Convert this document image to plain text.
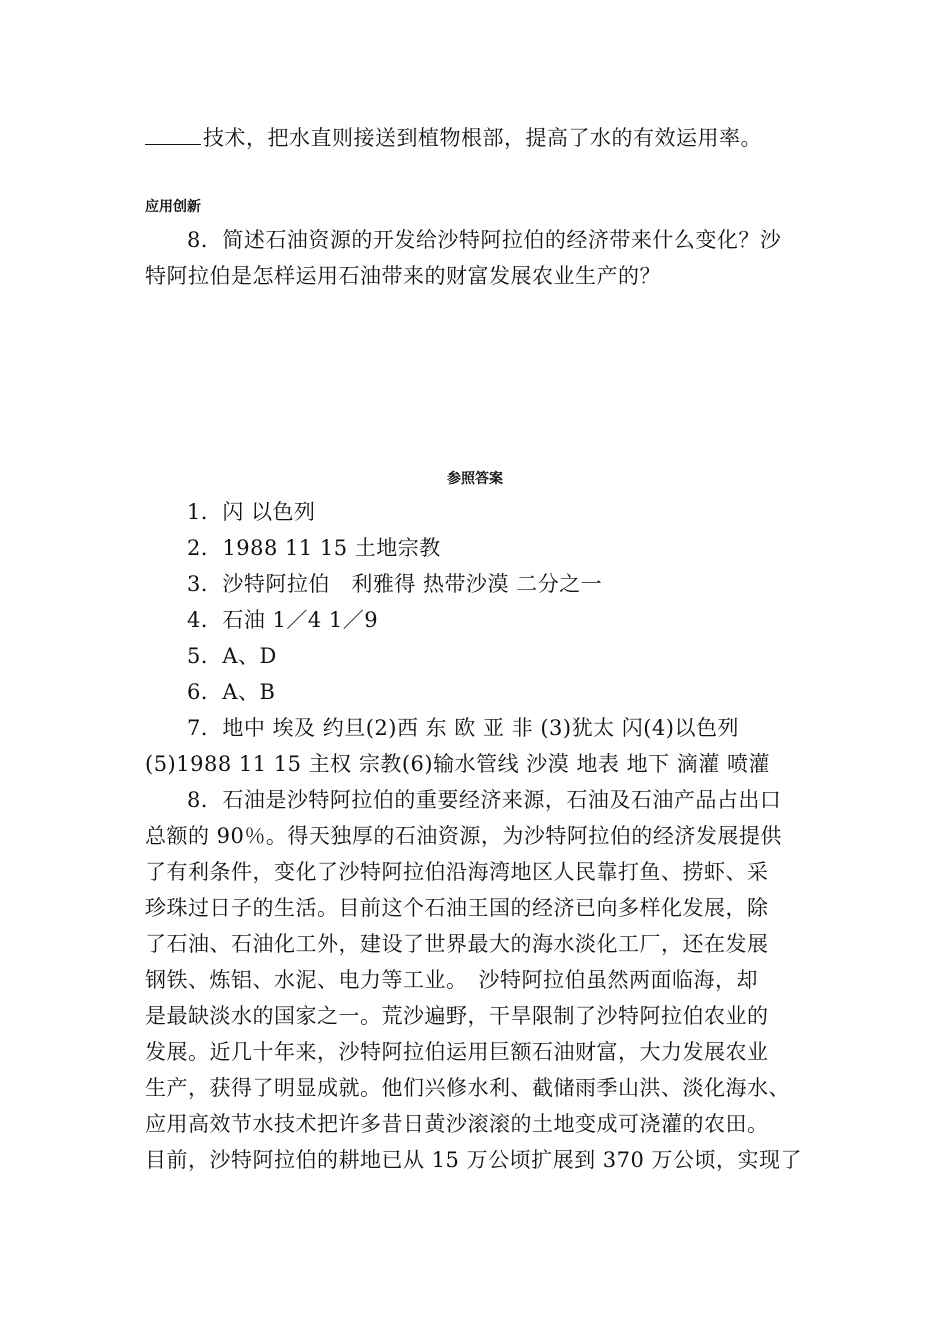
技术，把水直则接送到植物根部，提高了水的有效运用率。
应用创新
8．简述石油资源的开发给沙特阿拉伯的经济带来什么变化？沙
特阿拉伯是怎样运用石油带来的财富发展农业生产的？
参照答案
1．闪 以色列
2．1988 11 15 土地宗教
3．沙特阿拉伯　利雅得 热带沙漠 二分之一
4．石油 1／4 1／9
5．A、D
6．A、B
7．地中 埃及 约旦(2)西 东 欧 亚 非 (3)犹太 闪(4)以色列
(5)1988 11 15 主权 宗教(6)输水管线 沙漠 地表 地下 滴灌 喷灌
8．石油是沙特阿拉伯的重要经济来源，石油及石油产品占出口
总额的 90％。得天独厚的石油资源，为沙特阿拉伯的经济发展提供
了有利条件，变化了沙特阿拉伯沿海湾地区人民靠打鱼、捞虾、采
珍珠过日子的生活。目前这个石油王国的经济已向多样化发展，除
了石油、石油化工外，建设了世界最大的海水淡化工厂，还在发展
钢铁、炼铝、水泥、电力等工业。　沙特阿拉伯虽然两面临海，却
是最缺淡水的国家之一。荒沙遍野，干旱限制了沙特阿拉伯农业的
发展。近几十年来，沙特阿拉伯运用巨额石油财富，大力发展农业
生产，获得了明显成就。他们兴修水利、截储雨季山洪、淡化海水、
应用高效节水技术把许多昔日黄沙滚滚的土地变成可浇灌的农田。
目前，沙特阿拉伯的耕地已从 15 万公顷扩展到 370 万公顷，实现了
